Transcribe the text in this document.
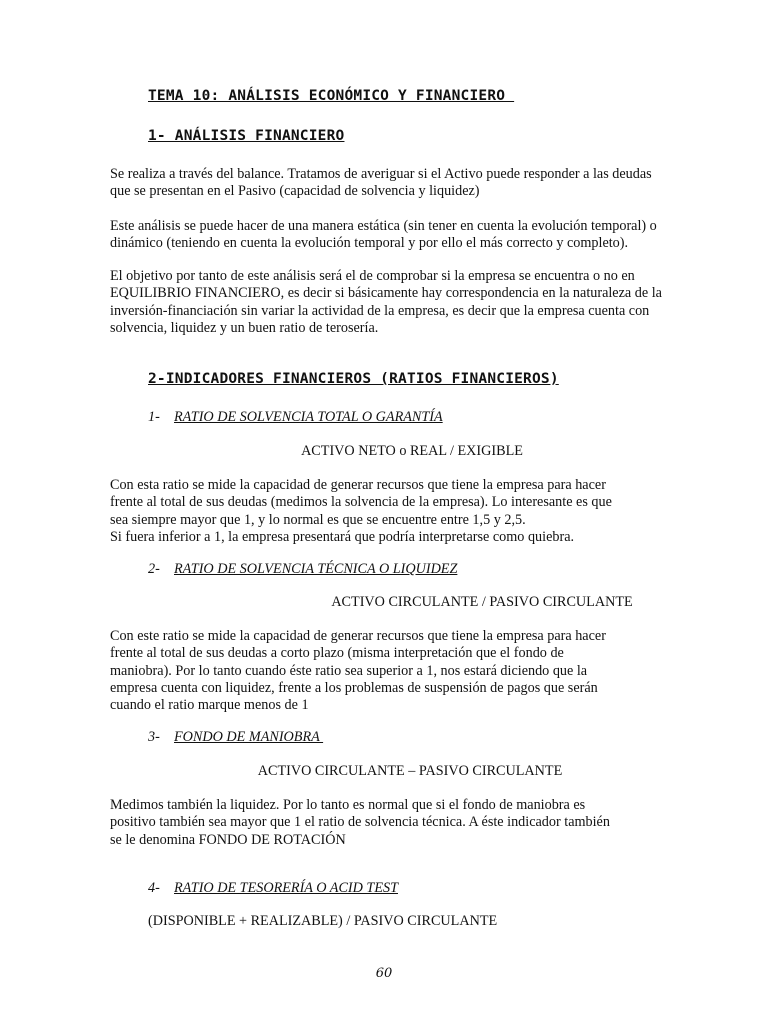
TEMA 10: ANÁLISIS ECONÓMICO Y FINANCIERO
1- ANÁLISIS FINANCIERO
Se realiza a través del balance. Tratamos de averiguar si el Activo puede responder a las deudas
que se presentan en el Pasivo (capacidad de solvencia y liquidez)
Este análisis se puede hacer de una manera estática (sin tener en cuenta la evolución temporal) o
dinámico (teniendo en cuenta la evolución temporal y por ello el más correcto y completo).
El objetivo por tanto de este análisis será el de comprobar si la empresa se encuentra o no en
EQUILIBRIO FINANCIERO, es decir si básicamente hay correspondencia en la naturaleza de la
inversión-financiación sin variar la actividad de la empresa, es decir que la empresa cuenta con
solvencia, liquidez y un buen ratio de terosería.
2-INDICADORES FINANCIEROS (RATIOS FINANCIEROS)
1- RATIO DE SOLVENCIA TOTAL O GARANTÍA
ACTIVO NETO o REAL / EXIGIBLE
Con esta ratio se mide la capacidad de generar recursos que tiene la empresa para hacer
frente al total de sus deudas (medimos la solvencia de la empresa). Lo interesante es que
sea siempre mayor que 1, y lo normal es que se encuentre entre 1,5 y 2,5.
Si fuera inferior a 1, la empresa presentará que podría interpretarse como quiebra.
2- RATIO DE SOLVENCIA TÉCNICA O LIQUIDEZ
ACTIVO CIRCULANTE / PASIVO CIRCULANTE
Con este ratio se mide la capacidad de generar recursos que tiene la empresa para hacer
frente al total de sus deudas a corto plazo (misma interpretación que el fondo de
maniobra). Por lo tanto cuando éste ratio sea superior a 1, nos estará diciendo que la
empresa cuenta con liquidez, frente a los problemas de suspensión de pagos que serán
cuando el ratio marque menos de 1
3- FONDO DE MANIOBRA
ACTIVO CIRCULANTE – PASIVO CIRCULANTE
Medimos también la liquidez. Por lo tanto es normal que si el fondo de maniobra es
positivo también sea mayor que 1 el ratio de solvencia técnica. A éste indicador también
se le denomina FONDO DE ROTACIÓN
4- RATIO DE TESORERÍA O ACID TEST
(DISPONIBLE + REALIZABLE) / PASIVO CIRCULANTE
60
